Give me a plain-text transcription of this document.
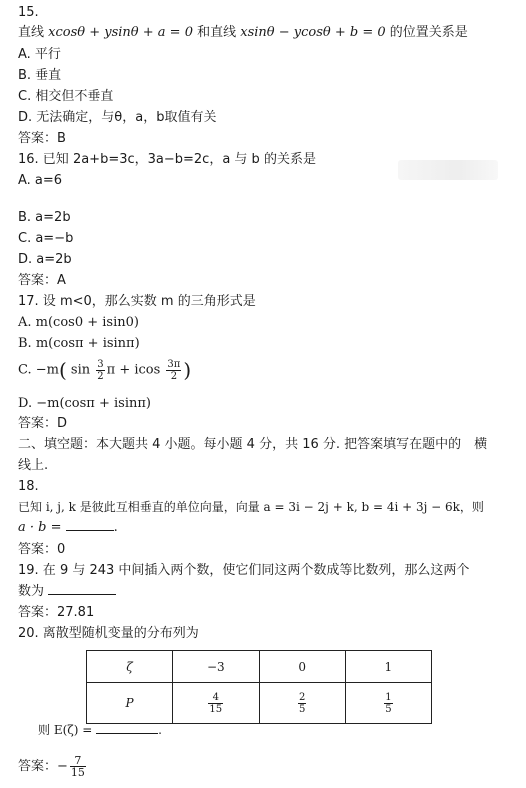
15.
直线 xcosθ + ysinθ + a = 0 和直线 xsinθ − ycosθ + b = 0 的位置关系是
A. 平行
B. 垂直
C. 相交但不垂直
D. 无法确定，与θ，a，b取值有关
答案：B
16. 已知 2a+b=3c，3a−b=2c，a 与 b 的关系是
A. a=6
B. a=2b
C. a=−b
D. a=2b
答案：A
17. 设 m<0，那么实数 m 的三角形式是
A. m(cos0 + isin0)
B. m(cosπ + isinπ)
C. −m( $\sin \frac{3}{2}$ π + icos $\frac{3\pi}{2}$ )
D. −m(cosπ + isinπ)
答案：D
二、填空题：本大题共 4 小题。每小题 4 分，共 16 分. 把答案填写在题中的　横
线上.
18.
已知 i, j, k 是彼此互相垂直的单位向量，向量 a = 3i − 2j + k, b = 4i + 3j − 6k，则
a · b =	.
答案：0
19. 在 9 与 243 中间插入两个数，使它们同这两个数成等比数列，那么这两个
数为
答案：27.81
20. 离散型随机变量的分布列为
ζ	−3	0	1
P	$\frac{4}{15}$	$\frac{2}{5}$	$\frac{1}{5}$
则 E(ζ) =	.
答案：− $\frac{7}{15}$
